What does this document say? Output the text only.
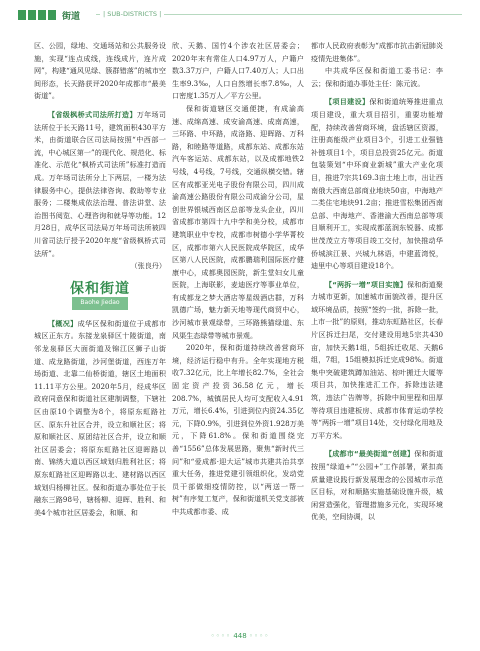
街道	| SUB-DISTRICTS |

区、公园，绿地、交通场站和公共服务设施，实现“连点成线，连线成片，连片成网”，构建“通风见绿、簇群错落”的城市空间形态，长天路获评2020年成都市“最美街道”。

【省级枫桥式司法所打造】万年场司法所位于长天路11号，建筑面积430平方米，由街道联合区司法局按照“中西部一流，中心城区第一”的现代化、规范化、标准化、示范化“枫桥式司法所”标准打造而成。万年场司法所分上下两层，一楼为法律服务中心，提供法律咨询、救助等专业服务；二楼集成依法治理、普法讲堂、法治图书阅览、心理咨询和就导等功能。12月28日，成华区司法局万年场司法所被四川省司法厅授予2020年度“省级枫桥式司法所”。

（张良丹）

保和街道
Baohe Jiedao

【概况】成华区保和街道位于成都市城区正东方。东接龙泉驿区十陵街道，南邻龙泉驿区大面街道及锦江区狮子山街道、成龙路街道，沙河堡街道，西连万年场街道、北靠二仙桥街道，辖区土地面积11.11平方公里。2020年5月，经成华区政府同意保和街道社区建制调整，下辖社区由原10个调整为8个，将原东虹路社区、原东升社区合并，设立和顺社区；将原和顺社区、原团结社区合并，设立和顺社区居委会；将原东虹路社区迎晖路以南、锦绣大道以西区域划归胜利社区；将原东虹路社区迎晖路以北、建材路以西区域划归杨柳社区。保和街道办事处位于长融东三路98号，辖杨柳、迎晖、胜利、和美4个城市社区居委会，和顺、和

欣、天鹅、国竹4个涉农社区居委会；2020年末有常住人口4.97万人，户籍户数3.37万户，户籍人口7.40万人；人口出生率9.3‰，人口自然增长率7.8‰，人口密度1.35万人／平方公里。

保和街道辖区交通便捷，有成渝高速、成绵高速、成安渝高速、成南高速，三环路、中环路，成洛路、迎晖路、万科路，和睦路等道路，成都东站、成都东站汽车客运站、成都东站，以及成都地铁2号线，4号线，7号线，交通纵横交错。辖区有成都亚光电子股份有限公司，四川成渝高速公路股份有限公司成渝分公司，星创世界银城西南区总部等龙头企业，四川省成都市第四十九中学和美分校，成都市建筑职业中专校，成都市树德小学华菁校区，成都市第六人民医院成华院区，成华区第八人民医院，成都鹏瑞利国际医疗健康中心，成都奥园医院，新生堂妇女儿童医院，上海联影，麦迪医疗等事业单位，有成都龙之梦大酒店等星级酒店群，万科凯德广场，魅力新天地等现代商贸中心，沙河城市景观绿带，三环路熊猫绿道、东风渠生态绿带等城市景观。

2020年，保和街道持续改善营商环境，经济运行稳中有升。全年实现地方税收7.32亿元，比上年增长82.7%，全社会固定资产投资36.58亿元，增长208.7%，城镇居民人均可支配收入4.91万元，增长6.4%，引进到位内资24.35亿元，下降0.9%，引进到位外资1.928万美元，下降61.8%。保和街道围绕完善“1556”总体发展思路，聚焦“新时代三问”和“爱成都·迎大运”城市共建共治共享重大任务，推进党建引领组织化，发动党员干部做细疫情防控，以“两送一帮一树”有序复工复产，保和街道机关党支部被中共成都市委、成

都市人民政府表彰为“成都市抗击新冠肺炎疫情先进集体”。

中共成华区保和街道工委书记：李云；保和街道办事处主任：陈元波。

【项目建设】保和街道统筹推进重点项目建设，重大项目招引，重要功能增配，持续改善营商环境，盘活辖区资源，注册高能级产业项目3个，引进工业强链补链项目1个，项目总投资25亿元。街道包装策划“中环商业新城”重大产业化项目，推进7宗共169.3亩土地上市，出让西南俄大西南总部商业地块50亩，中海地产二类住宅地块91.2亩；推进雪松集团西南总部、中海地产、香港渝大西南总部等项目顺利开工，实现成都蓝润东锐器、成都世茂茂立方等项目竣工交付，加快推动华侨城滨江景、兴城九林语，中建蓝湾悦，迪里中心等项目建设18个。

【“两拆一增”项目实施】保和街道聚力城市更新，加速城市面貌改善，提升区域环境品质，按照“签约一批，拆除一批，上市一批”的原则，推动东虹路社区，长春片区拆迁扫尾，交付建设用地5宗共430亩，加快天鹅1组，5组拆迁收尾、天鹅6组，7组，15组模拟拆迁完成98%。街道集中突破建筑蹲加油站、棕叶搬迁大厦等项目共，加快推进汇工作，拆除违法建筑，违法广告牌等，拆除中间里程和田厚等待项目违建板房、成都市体育运动学校等“两拆一增”项目14处，交付绿化用地及万平方米。

【成都市“最美街道”创建】保和街道按照“绿道+”“公园+”工作部署，紧扣高质量建设践行新发展理念的公园城市示范区目标，对和顺路实施基础设施升级，城闲营造强化，管理措施多元化，实现环境优美，空间协调，以

◦◦◦◦ 448 ◦◦◦◦
